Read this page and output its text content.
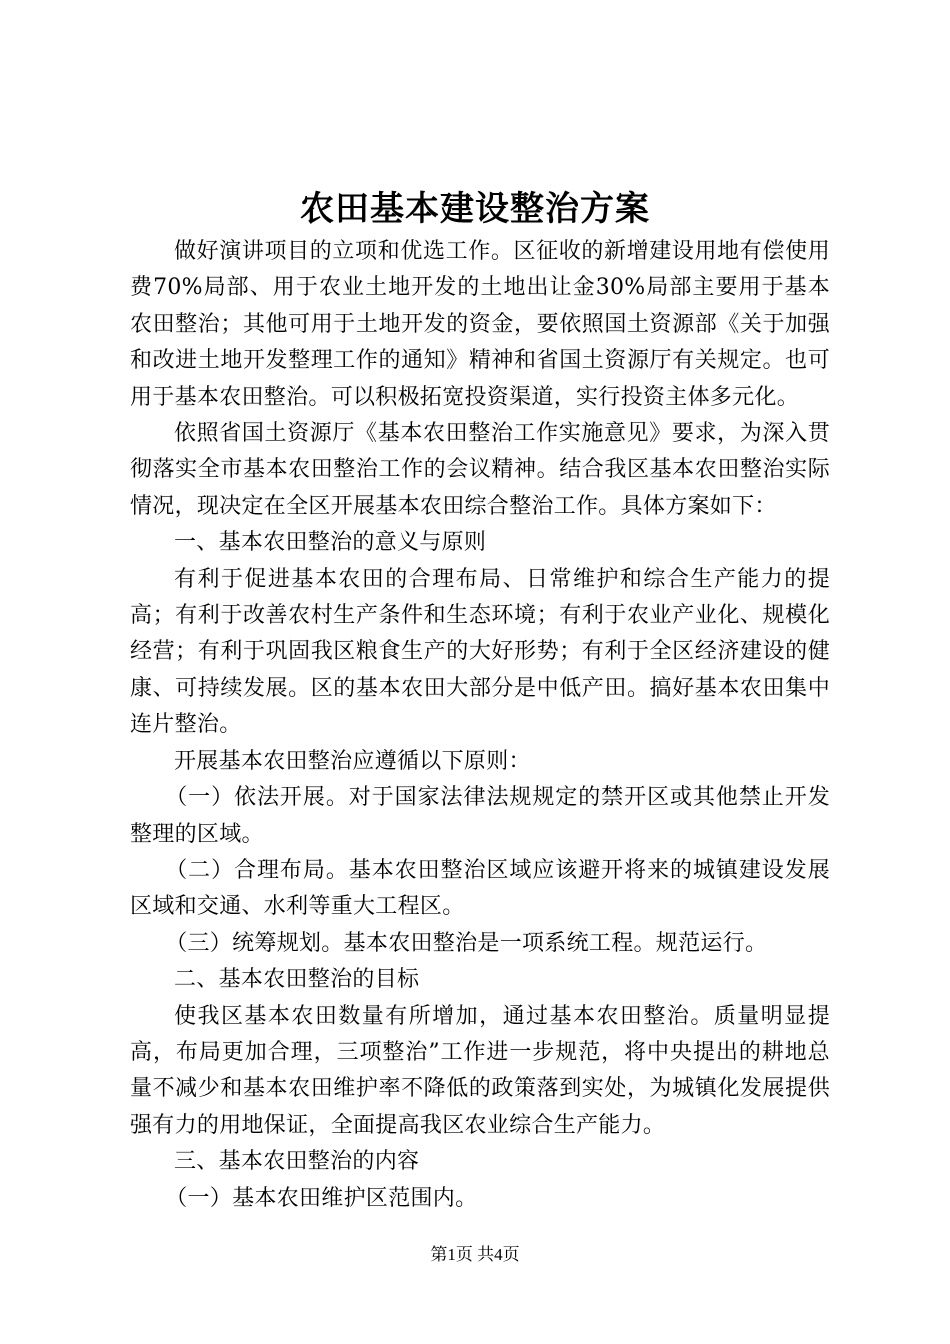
农田基本建设整治方案

做好演讲项目的立项和优选工作。区征收的新增建设用地有偿使用费70%局部、用于农业土地开发的土地出让金30%局部主要用于基本农田整治；其他可用于土地开发的资金，要依照国土资源部《关于加强和改进土地开发整理工作的通知》精神和省国土资源厅有关规定。也可用于基本农田整治。可以积极拓宽投资渠道，实行投资主体多元化。

依照省国土资源厅《基本农田整治工作实施意见》要求，为深入贯彻落实全市基本农田整治工作的会议精神。结合我区基本农田整治实际情况，现决定在全区开展基本农田综合整治工作。具体方案如下：

一、基本农田整治的意义与原则

有利于促进基本农田的合理布局、日常维护和综合生产能力的提高；有利于改善农村生产条件和生态环境；有利于农业产业化、规模化经营；有利于巩固我区粮食生产的大好形势；有利于全区经济建设的健康、可持续发展。区的基本农田大部分是中低产田。搞好基本农田集中连片整治。

开展基本农田整治应遵循以下原则：

（一）依法开展。对于国家法律法规规定的禁开区或其他禁止开发整理的区域。

（二）合理布局。基本农田整治区域应该避开将来的城镇建设发展区域和交通、水利等重大工程区。

（三）统筹规划。基本农田整治是一项系统工程。规范运行。

二、基本农田整治的目标

使我区基本农田数量有所增加，通过基本农田整治。质量明显提高，布局更加合理，三项整治”工作进一步规范，将中央提出的耕地总量不减少和基本农田维护率不降低的政策落到实处，为城镇化发展提供强有力的用地保证，全面提高我区农业综合生产能力。

三、基本农田整治的内容

（一）基本农田维护区范围内。

第1页 共4页
